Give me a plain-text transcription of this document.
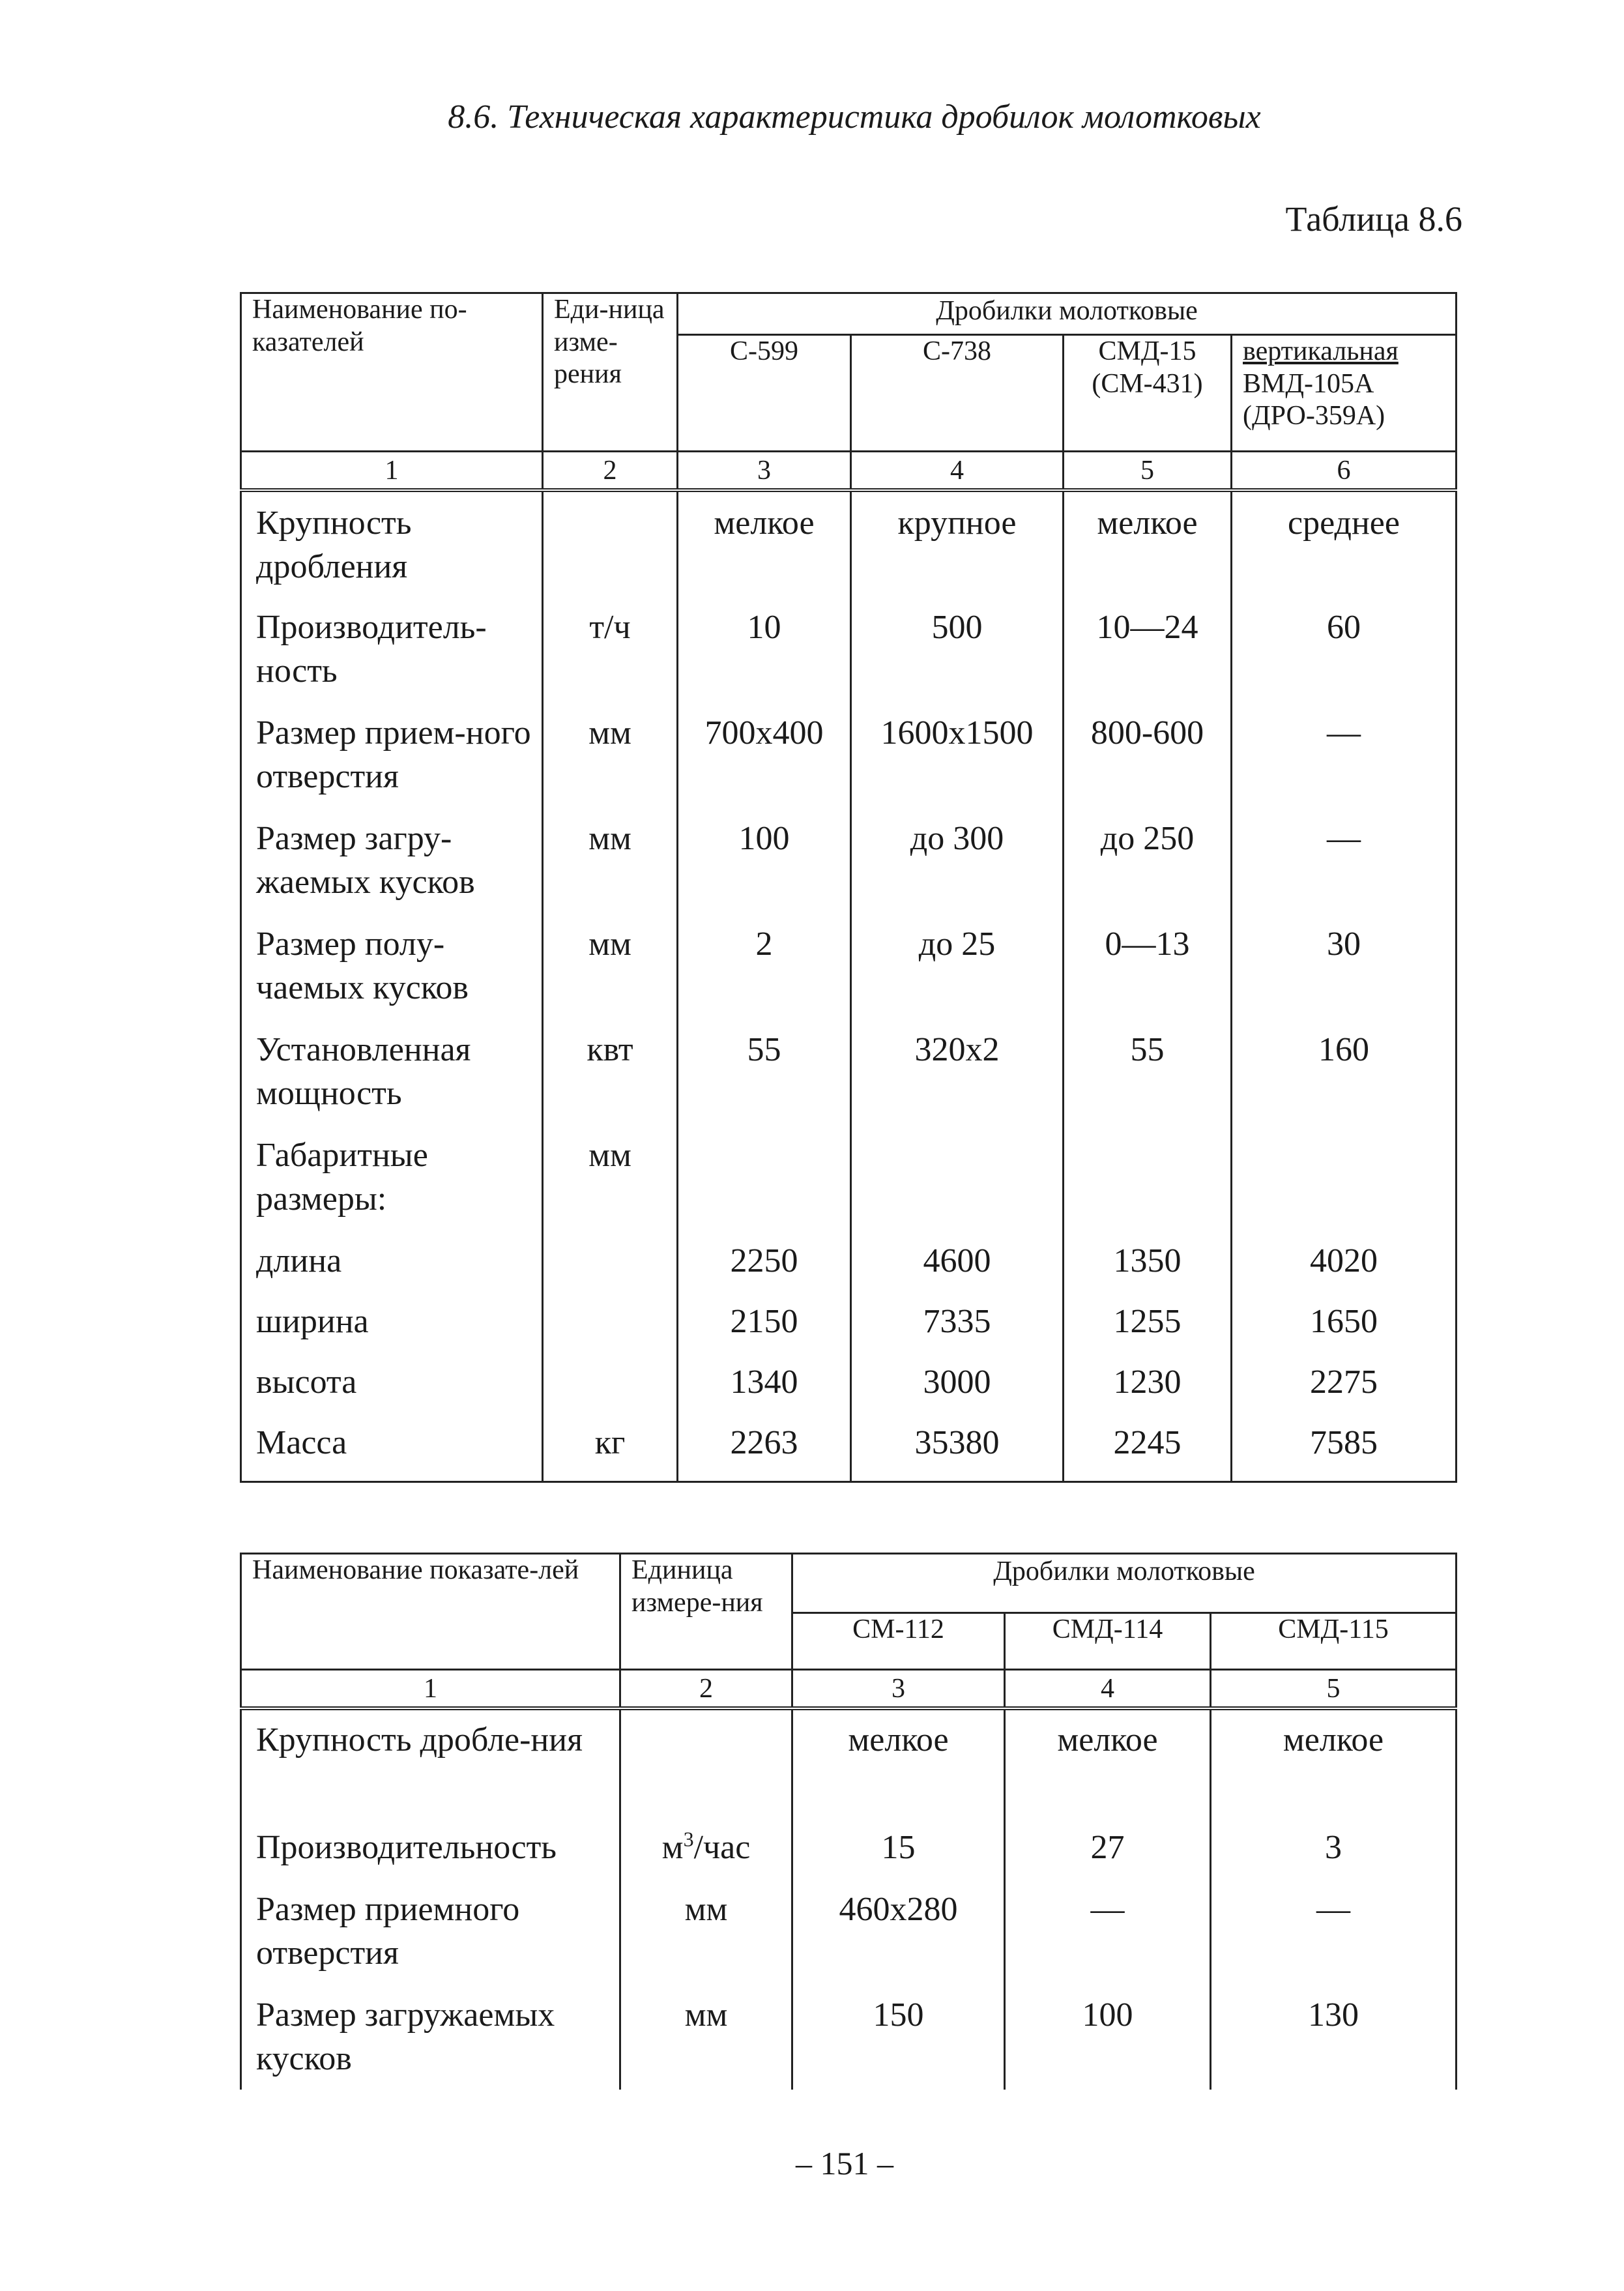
8.6. Техническая характеристика дробилок молотковых
Таблица 8.6
Наименование по-казателей	Еди-ница изме-рения	Дробилки молотковые			
		С-599	С-738	СМД-15 (СМ-431)	вертикальная
ВМД-105А (ДРО-359А)
1	2	3	4	5	6
Крупность дробления		мелкое	крупное	мелкое	среднее
Производитель-ность	т/ч	10	500	10—24	60
Размер прием-ного отверстия	мм	700x400	1600x1500	800-600	—
Размер загру-жаемых кусков	мм	100	до 300	до 250	—
Размер полу-чаемых кусков	мм	2	до 25	0—13	30
Установленная мощность	квт	55	320x2	55	160
Габаритные размеры:	мм				
длина		2250	4600	1350	4020
ширина		2150	7335	1255	1650
высота		1340	3000	1230	2275
Масса	кг	2263	35380	2245	7585
Наименование показате-лей	Единица измере-ния	Дробилки молотковые		
		СМ-112	СМД-114	СМД-115
1	2	3	4	5
Крупность дробле-ния		мелкое	мелкое	мелкое
Производительность	$м^3$/час	15	27	3
Размер приемного отверстия	мм	460x280	—	—
Размер загружаемых кусков	мм	150	100	130
– 151 –
